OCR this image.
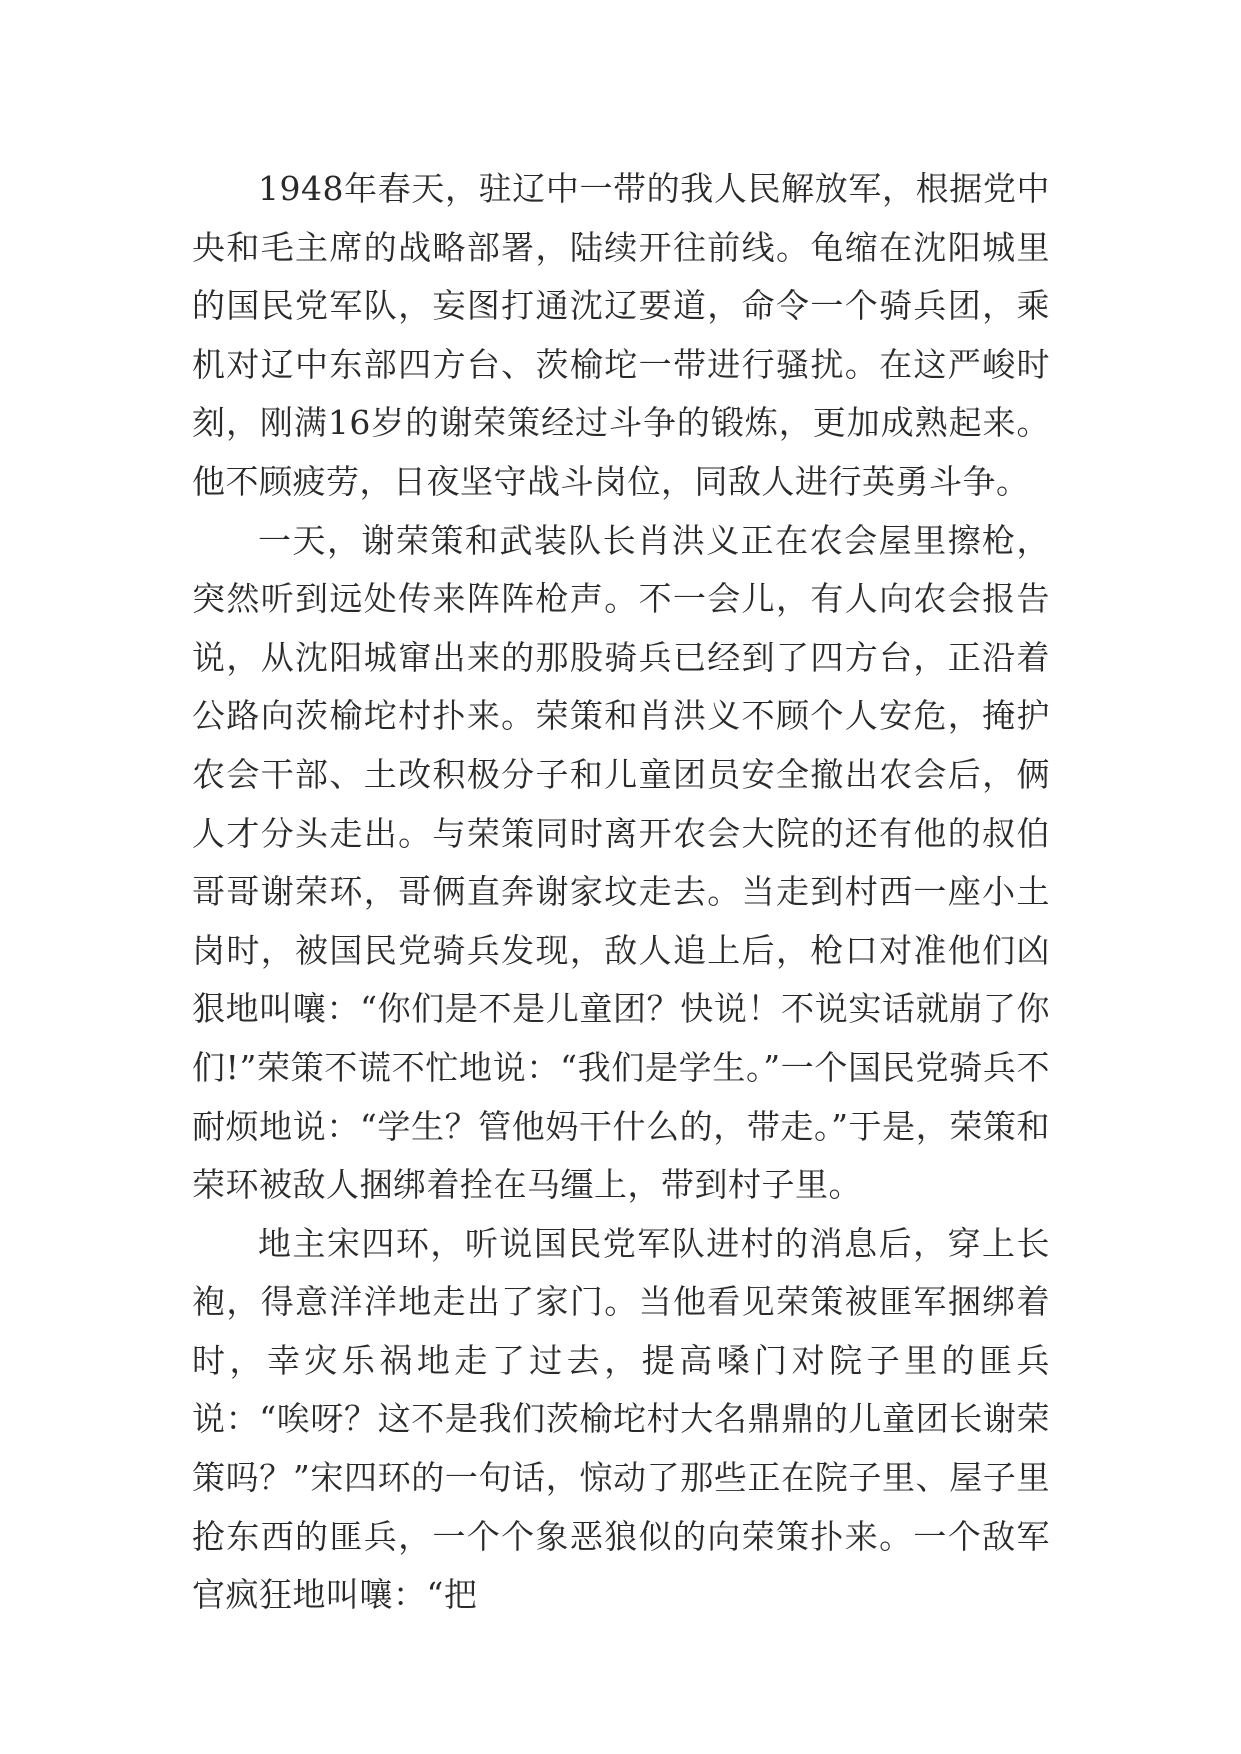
1948年春天，驻辽中一带的我人民解放军，根据党中央和毛主席的战略部署，陆续开往前线。龟缩在沈阳城里的国民党军队，妄图打通沈辽要道，命令一个骑兵团，乘机对辽中东部四方台、茨榆坨一带进行骚扰。在这严峻时刻，刚满16岁的谢荣策经过斗争的锻炼，更加成熟起来。他不顾疲劳，日夜坚守战斗岗位，同敌人进行英勇斗争。

一天，谢荣策和武装队长肖洪义正在农会屋里擦枪，突然听到远处传来阵阵枪声。不一会儿，有人向农会报告说，从沈阳城窜出来的那股骑兵已经到了四方台，正沿着公路向茨榆坨村扑来。荣策和肖洪义不顾个人安危，掩护农会干部、土改积极分子和儿童团员安全撤出农会后，俩人才分头走出。与荣策同时离开农会大院的还有他的叔伯哥哥谢荣环，哥俩直奔谢家坟走去。当走到村西一座小土岗时，被国民党骑兵发现，敌人追上后，枪口对准他们凶狠地叫嚷：“你们是不是儿童团？快说！不说实话就崩了你们!”荣策不谎不忙地说：“我们是学生。”一个国民党骑兵不耐烦地说：“学生？管他妈干什么的，带走。”于是，荣策和荣环被敌人捆绑着拴在马缰上，带到村子里。

地主宋四环，听说国民党军队进村的消息后，穿上长袍，得意洋洋地走出了家门。当他看见荣策被匪军捆绑着时，幸灾乐祸地走了过去，提高嗓门对院子里的匪兵说：“唉呀？这不是我们茨榆坨村大名鼎鼎的儿童团长谢荣策吗？”宋四环的一句话，惊动了那些正在院子里、屋子里抢东西的匪兵，一个个象恶狼似的向荣策扑来。一个敌军官疯狂地叫嚷：“把
